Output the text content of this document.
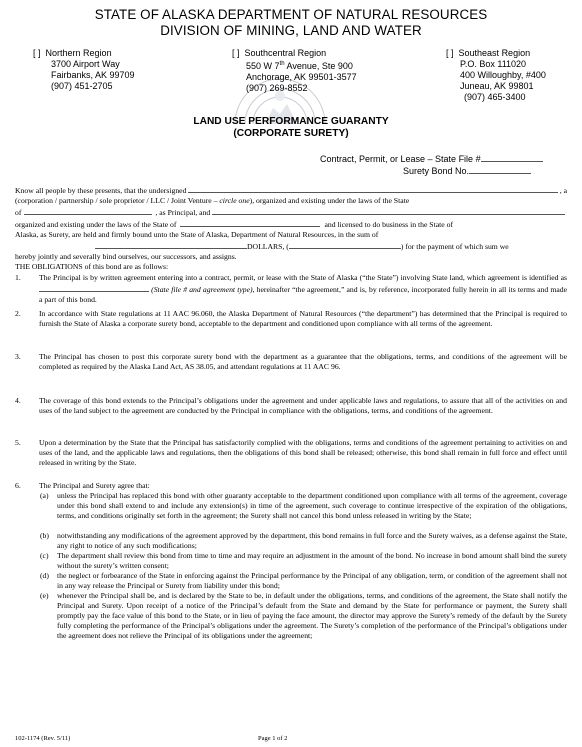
STATE OF ALASKA DEPARTMENT OF NATURAL RESOURCES
DIVISION OF MINING, LAND AND WATER
[ ] Northern Region
3700 Airport Way
Fairbanks, AK 99709
(907) 451-2705
[ ] Southcentral Region
550 W 7th Avenue, Ste 900
Anchorage, AK 99501-3577
(907) 269-8552
[ ] Southeast Region
P.O. Box 111020
400 Willoughby, #400
Juneau, AK 99801
(907) 465-3400
LAND USE PERFORMANCE GUARANTY
(CORPORATE SURETY)
Contract, Permit, or Lease – State File #
Surety Bond No.
Know all people by these presents, that the undersigned	, a
(corporation / partnership / sole proprietor / LLC / Joint Venture – circle one), organized and existing under the laws of the State
of	, as Principal, and
organized and existing under the laws of the State of	and licensed to do business in the State of
Alaska, as Surety, are held and firmly bound unto the State of Alaska, Department of Natural Resources, in the sum of
DOLLARS, (	) for the payment of which sum we
hereby jointly and severally bind ourselves, our successors, and assigns.
THE OBLIGATIONS of this bond are as follows:
1. The Principal is by written agreement entering into a contract, permit, or lease with the State of Alaska (“the State”) involving State land, which agreement is identified as  (State file # and agreement type), hereinafter “the agreement,” and is, by reference, incorporated fully herein in all its terms and made a part of this bond.
2. In accordance with State regulations at 11 AAC 96.060, the Alaska Department of Natural Resources (“the department”) has determined that the Principal is required to furnish the State of Alaska a corporate surety bond, acceptable to the department and conditioned upon compliance with all terms of the agreement.
3. The Principal has chosen to post this corporate surety bond with the department as a guarantee that the obligations, terms, and conditions of the agreement will be completed as required by the Alaska Land Act, AS 38.05, and attendant regulations at 11 AAC 96.
4. The coverage of this bond extends to the Principal’s obligations under the agreement and under applicable laws and regulations, to assure that all of the activities on and uses of the land subject to the agreement are conducted by the Principal in compliance with the obligations, terms, and conditions of the agreement.
5. Upon a determination by the State that the Principal has satisfactorily complied with the obligations, terms and conditions of the agreement pertaining to activities on and uses of the land, and the applicable laws and regulations, then the obligations of this bond shall be released; otherwise, this bond shall remain in full force and effect until released in writing by the State.
6. The Principal and Surety agree that:
(a) unless the Principal has replaced this bond with other guaranty acceptable to the department conditioned upon compliance with all terms of the agreement, coverage under this bond shall extend to and include any extension(s) in time of the agreement, such coverage to continue irrespective of the expiration of the obligations, terms, and conditions originally set forth in the agreement; the Surety shall not cancel this bond unless released in writing by the State;
(b) notwithstanding any modifications of the agreement approved by the department, this bond remains in full force and the Surety waives, as a defense against the State, any right to notice of any such modifications;
(c) The department shall review this bond from time to time and may require an adjustment in the amount of the bond. No increase in bond amount shall bind the surety without the surety’s written consent;
(d) the neglect or forbearance of the State in enforcing against the Principal performance by the Principal of any obligation, term, or condition of the agreement shall not in any way release the Principal or Surety from liability under this bond;
(e) whenever the Principal shall be, and is declared by the State to be, in default under the obligations, terms, and conditions of the agreement, the State shall notify the Principal and Surety. Upon receipt of a notice of the Principal’s default from the State and demand by the State for performance or payment, the Surety shall promptly pay the face value of this bond to the State, or in lieu of paying the face amount, the director may approve the Surety’s remedy of the default by the Surety fully completing the performance of the Principal’s obligations under the agreement. The Surety’s completion of the performance of the Principal’s obligations under the agreement does not relieve the Principal of its obligations under the agreement;
102-1174 (Rev. 5/11)	Page 1 of 2
